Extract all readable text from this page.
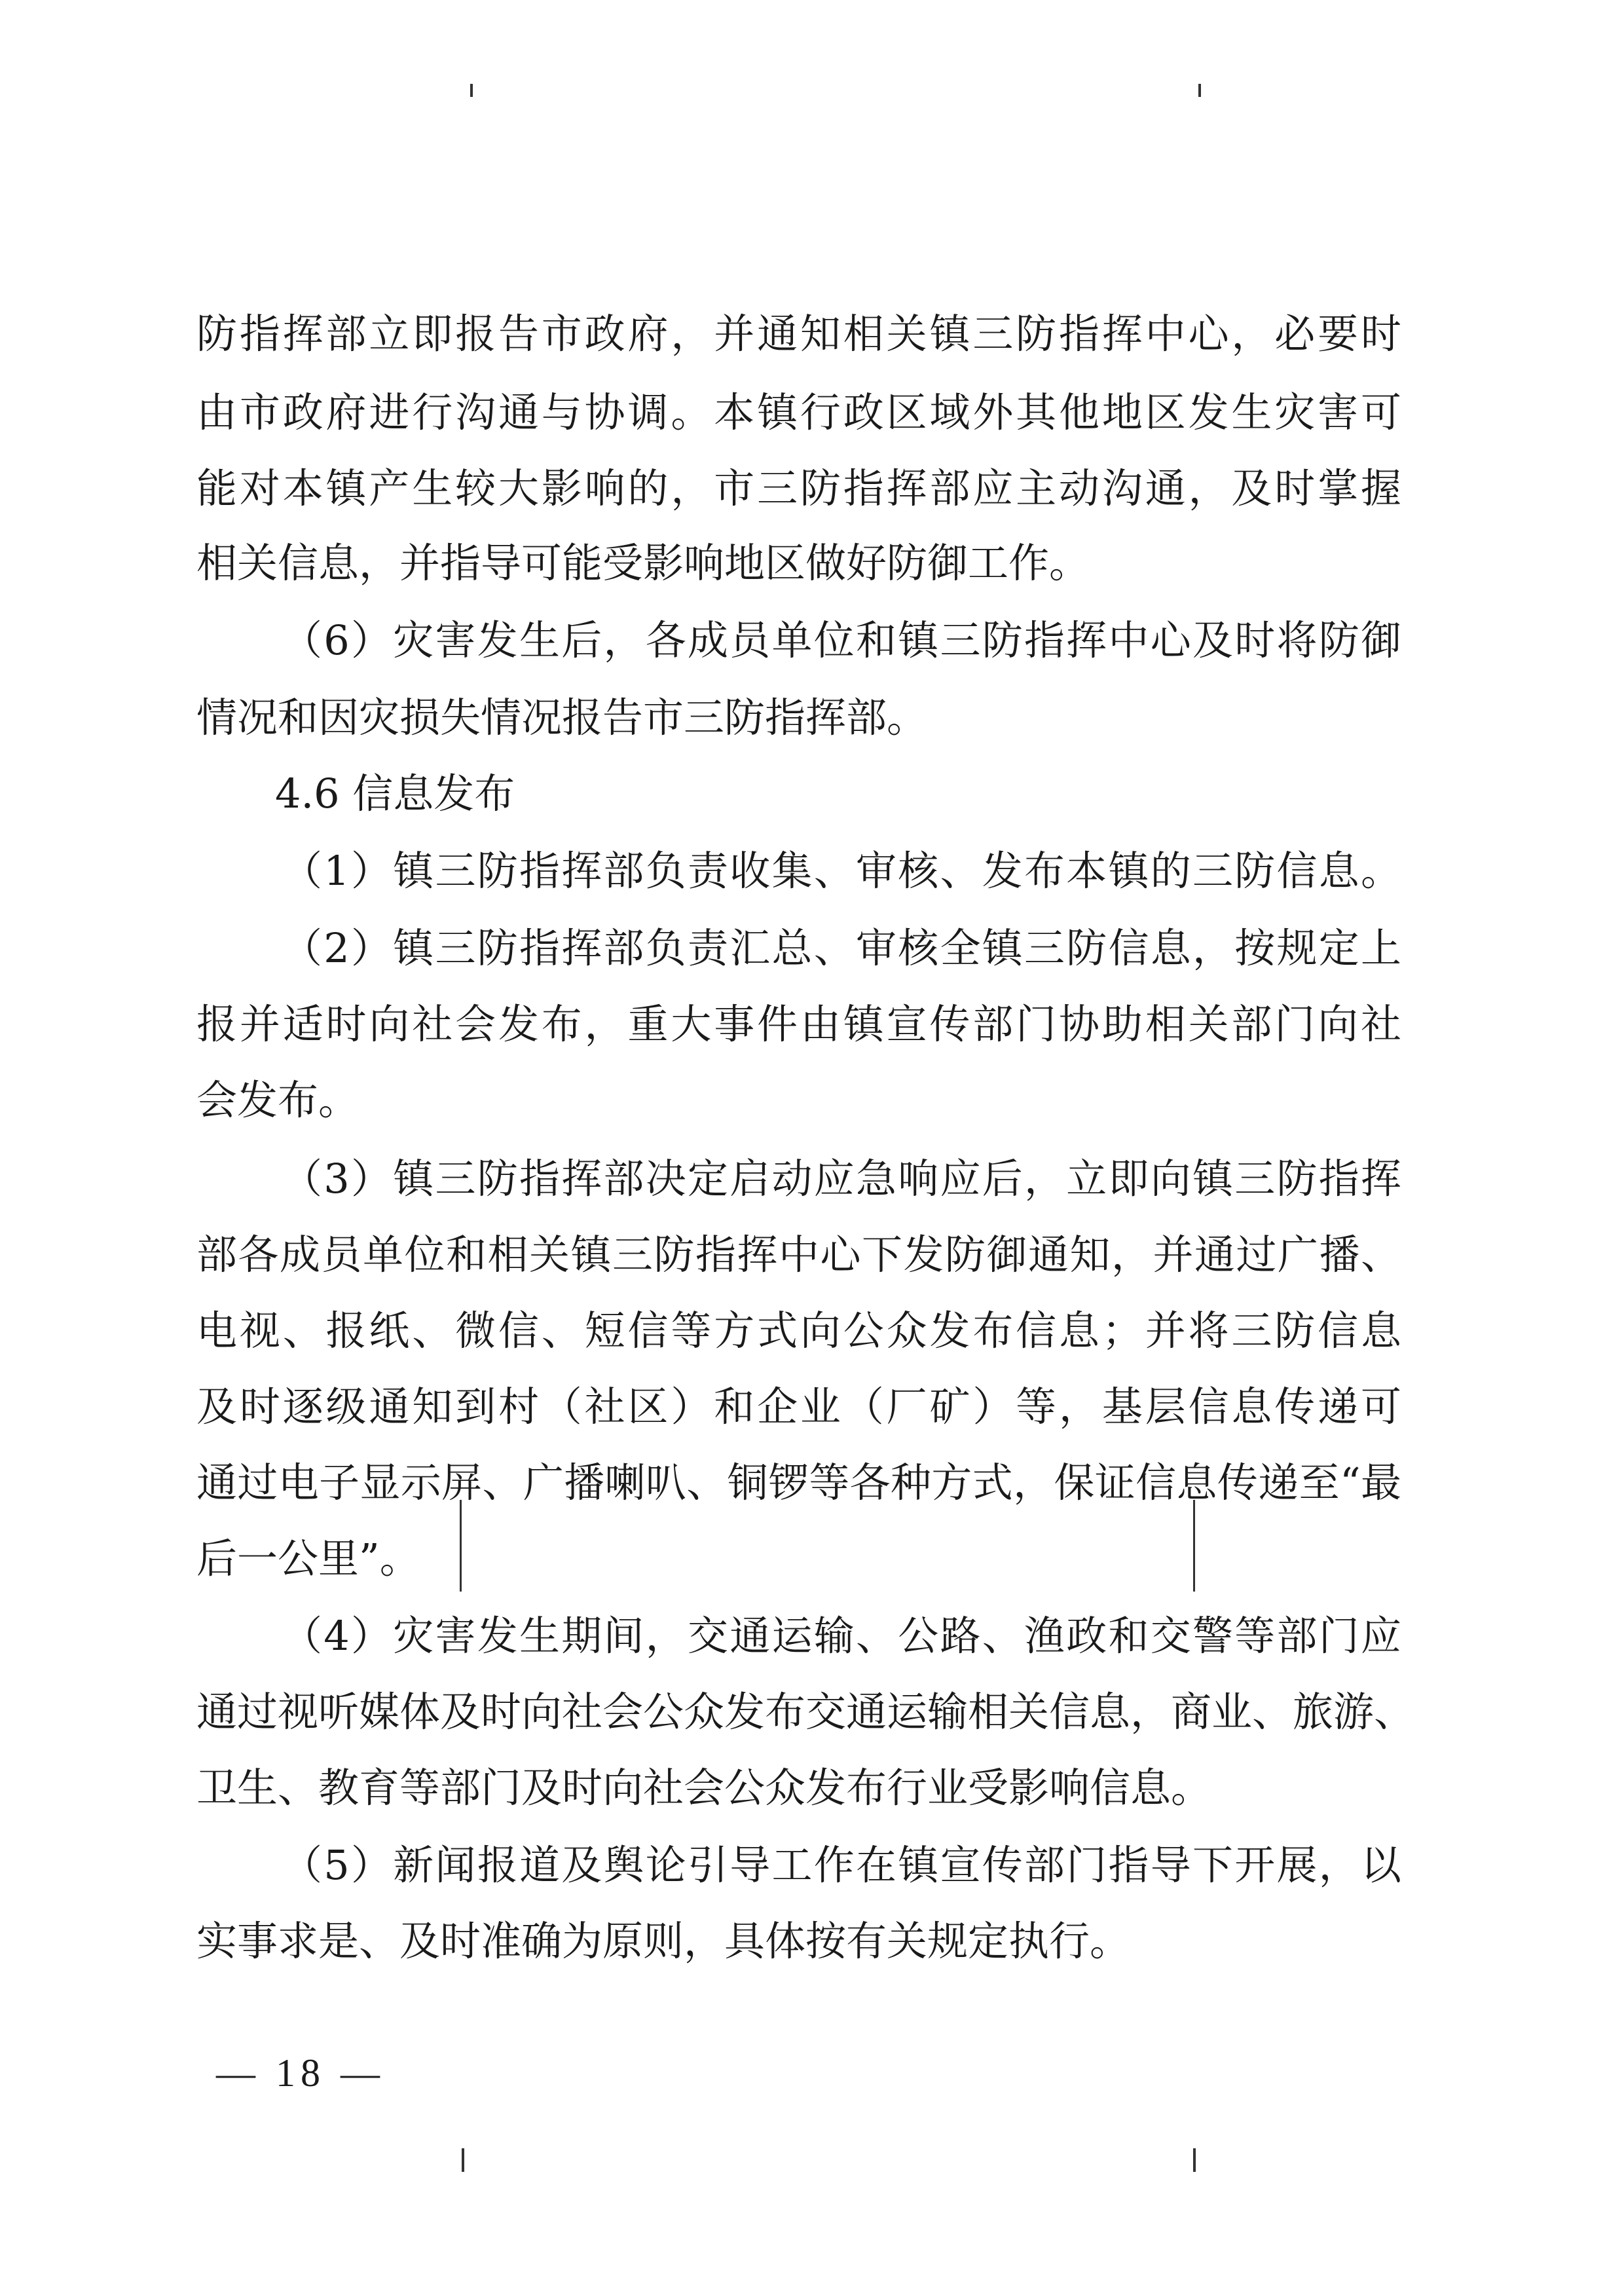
防指挥部立即报告市政府，并通知相关镇三防指挥中心，必要时

由市政府进行沟通与协调。本镇行政区域外其他地区发生灾害可

能对本镇产生较大影响的，市三防指挥部应主动沟通，及时掌握

相关信息，并指导可能受影响地区做好防御工作。

（6）灾害发生后，各成员单位和镇三防指挥中心及时将防御

情况和因灾损失情况报告市三防指挥部。

4.6 信息发布

（1）镇三防指挥部负责收集、审核、发布本镇的三防信息。

（2）镇三防指挥部负责汇总、审核全镇三防信息，按规定上

报并适时向社会发布，重大事件由镇宣传部门协助相关部门向社

会发布。

（3）镇三防指挥部决定启动应急响应后，立即向镇三防指挥

部各成员单位和相关镇三防指挥中心下发防御通知，并通过广播、

电视、报纸、微信、短信等方式向公众发布信息；并将三防信息

及时逐级通知到村（社区）和企业（厂矿）等，基层信息传递可

通过电子显示屏、广播喇叭、铜锣等各种方式，保证信息传递至“最

后一公里”。

（4）灾害发生期间，交通运输、公路、渔政和交警等部门应

通过视听媒体及时向社会公众发布交通运输相关信息，商业、旅游、

卫生、教育等部门及时向社会公众发布行业受影响信息。

（5）新闻报道及舆论引导工作在镇宣传部门指导下开展，以

实事求是、及时准确为原则，具体按有关规定执行。

— 18 —
